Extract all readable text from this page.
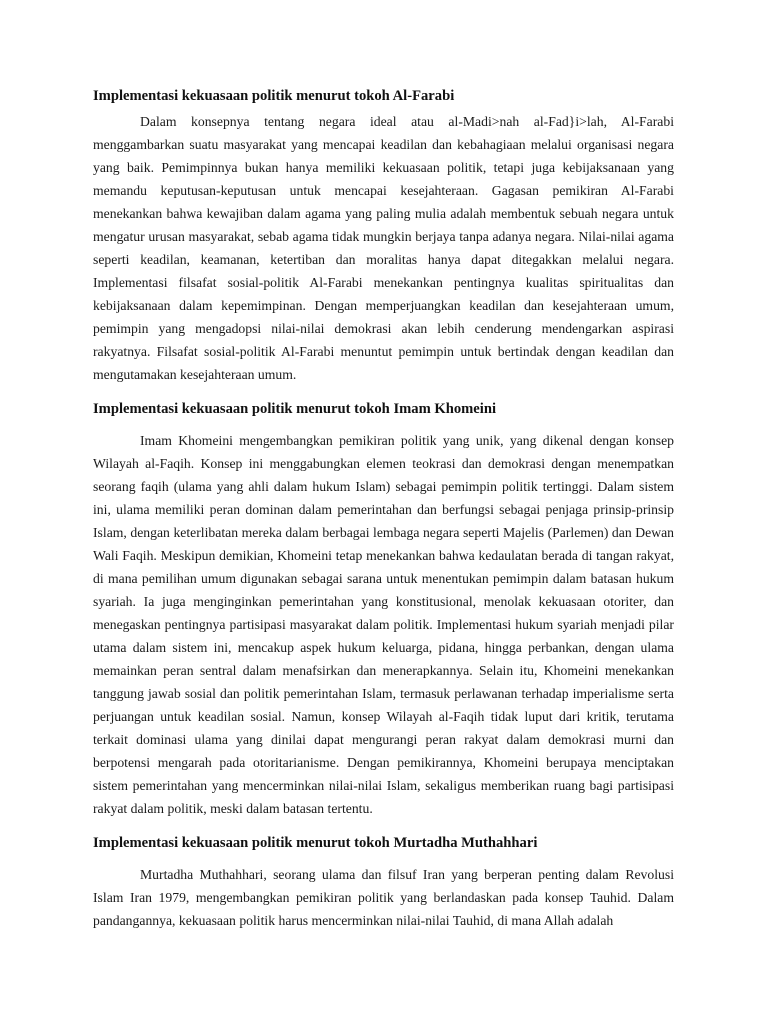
Implementasi kekuasaan politik menurut tokoh Al-Farabi

Dalam konsepnya tentang negara ideal atau al-Madi>nah al-Fad}i>lah, Al-Farabi menggambarkan suatu masyarakat yang mencapai keadilan dan kebahagiaan melalui organisasi negara yang baik. Pemimpinnya bukan hanya memiliki kekuasaan politik, tetapi juga kebijaksanaan yang memandu keputusan-keputusan untuk mencapai kesejahteraan. Gagasan pemikiran Al-Farabi menekankan bahwa kewajiban dalam agama yang paling mulia adalah membentuk sebuah negara untuk mengatur urusan masyarakat, sebab agama tidak mungkin berjaya tanpa adanya negara. Nilai-nilai agama seperti keadilan, keamanan, ketertiban dan moralitas hanya dapat ditegakkan melalui negara. Implementasi filsafat sosial-politik Al-Farabi menekankan pentingnya kualitas spiritualitas dan kebijaksanaan dalam kepemimpinan. Dengan memperjuangkan keadilan dan kesejahteraan umum, pemimpin yang mengadopsi nilai-nilai demokrasi akan lebih cenderung mendengarkan aspirasi rakyatnya. Filsafat sosial-politik Al-Farabi menuntut pemimpin untuk bertindak dengan keadilan dan mengutamakan kesejahteraan umum.

Implementasi kekuasaan politik menurut tokoh Imam Khomeini

Imam Khomeini mengembangkan pemikiran politik yang unik, yang dikenal dengan konsep Wilayah al-Faqih. Konsep ini menggabungkan elemen teokrasi dan demokrasi dengan menempatkan seorang faqih (ulama yang ahli dalam hukum Islam) sebagai pemimpin politik tertinggi. Dalam sistem ini, ulama memiliki peran dominan dalam pemerintahan dan berfungsi sebagai penjaga prinsip-prinsip Islam, dengan keterlibatan mereka dalam berbagai lembaga negara seperti Majelis (Parlemen) dan Dewan Wali Faqih. Meskipun demikian, Khomeini tetap menekankan bahwa kedaulatan berada di tangan rakyat, di mana pemilihan umum digunakan sebagai sarana untuk menentukan pemimpin dalam batasan hukum syariah. Ia juga menginginkan pemerintahan yang konstitusional, menolak kekuasaan otoriter, dan menegaskan pentingnya partisipasi masyarakat dalam politik. Implementasi hukum syariah menjadi pilar utama dalam sistem ini, mencakup aspek hukum keluarga, pidana, hingga perbankan, dengan ulama memainkan peran sentral dalam menafsirkan dan menerapkannya. Selain itu, Khomeini menekankan tanggung jawab sosial dan politik pemerintahan Islam, termasuk perlawanan terhadap imperialisme serta perjuangan untuk keadilan sosial. Namun, konsep Wilayah al-Faqih tidak luput dari kritik, terutama terkait dominasi ulama yang dinilai dapat mengurangi peran rakyat dalam demokrasi murni dan berpotensi mengarah pada otoritarianisme. Dengan pemikirannya, Khomeini berupaya menciptakan sistem pemerintahan yang mencerminkan nilai-nilai Islam, sekaligus memberikan ruang bagi partisipasi rakyat dalam politik, meski dalam batasan tertentu.

Implementasi kekuasaan politik menurut tokoh Murtadha Muthahhari

Murtadha Muthahhari, seorang ulama dan filsuf Iran yang berperan penting dalam Revolusi Islam Iran 1979, mengembangkan pemikiran politik yang berlandaskan pada konsep Tauhid. Dalam pandangannya, kekuasaan politik harus mencerminkan nilai-nilai Tauhid, di mana Allah adalah
